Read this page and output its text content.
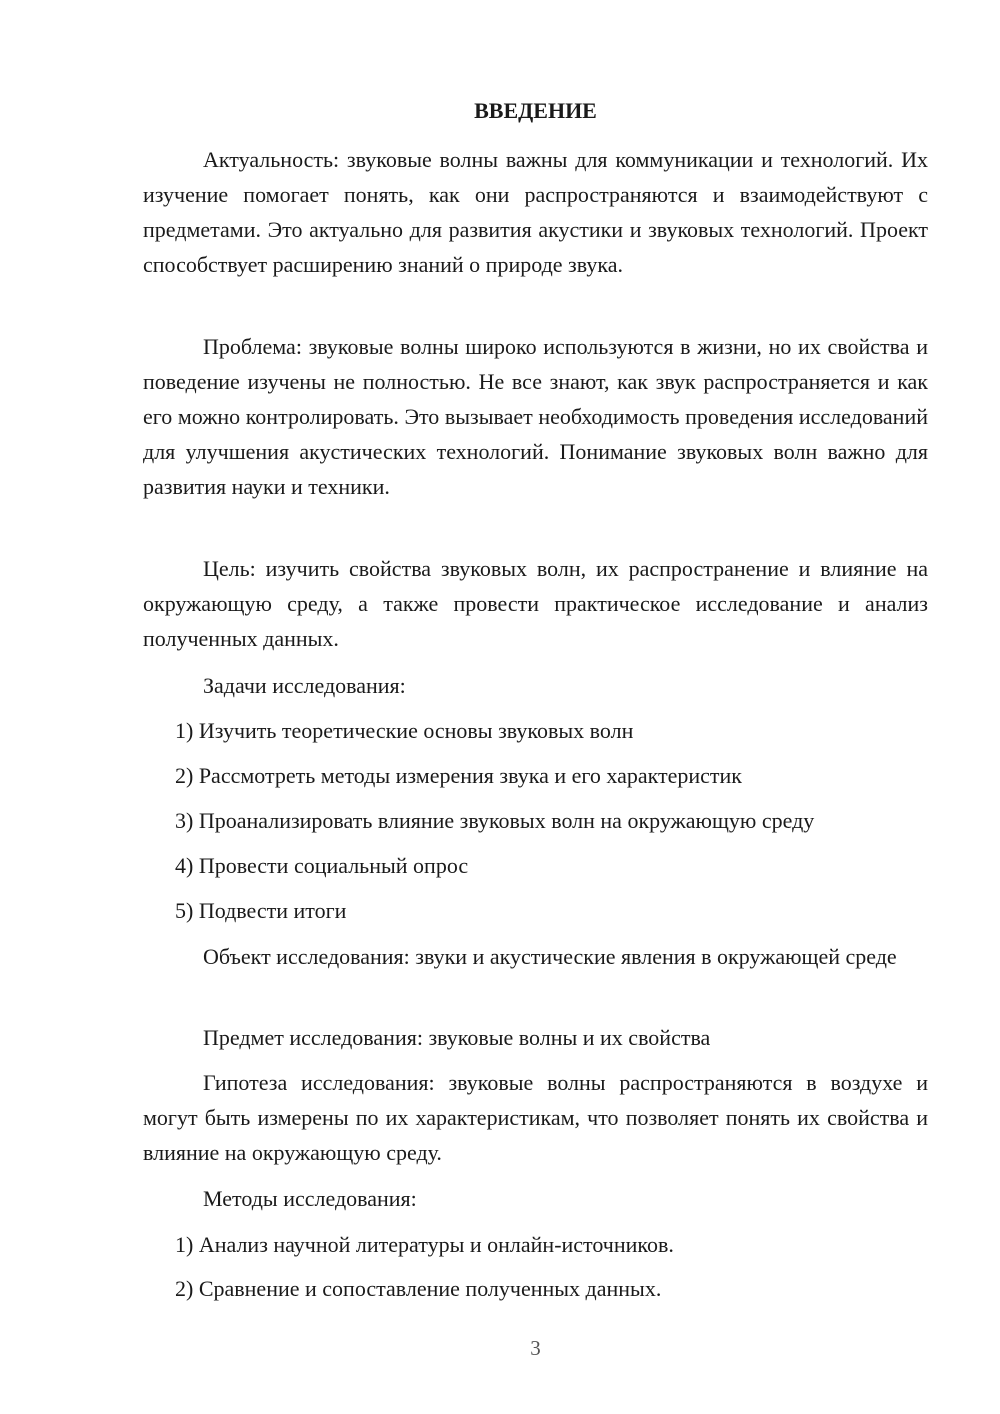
ВВЕДЕНИЕ

Актуальность: звуковые волны важны для коммуникации и технологий. Их изучение помогает понять, как они распространяются и взаимодействуют с предметами. Это актуально для развития акустики и звуковых технологий. Проект способствует расширению знаний о природе звука.

Проблема: звуковые волны широко используются в жизни, но их свойства и поведение изучены не полностью. Не все знают, как звук распространяется и как его можно контролировать. Это вызывает необходимость проведения исследований для улучшения акустических технологий. Понимание звуковых волн важно для развития науки и техники.

Цель: изучить свойства звуковых волн, их распространение и влияние на окружающую среду, а также провести практическое исследование и анализ полученных данных.

Задачи исследования:

1) Изучить теоретические основы звуковых волн

2) Рассмотреть методы измерения звука и его характеристик

3) Проанализировать влияние звуковых волн на окружающую среду

4) Провести социальный опрос

5) Подвести итоги

Объект исследования: звуки и акустические явления в окружающей среде

Предмет исследования: звуковые волны и их свойства

Гипотеза исследования: звуковые волны распространяются в воздухе и могут быть измерены по их характеристикам, что позволяет понять их свойства и влияние на окружающую среду.

Методы исследования:

1) Анализ научной литературы и онлайн-источников.

2) Сравнение и сопоставление полученных данных.

3
